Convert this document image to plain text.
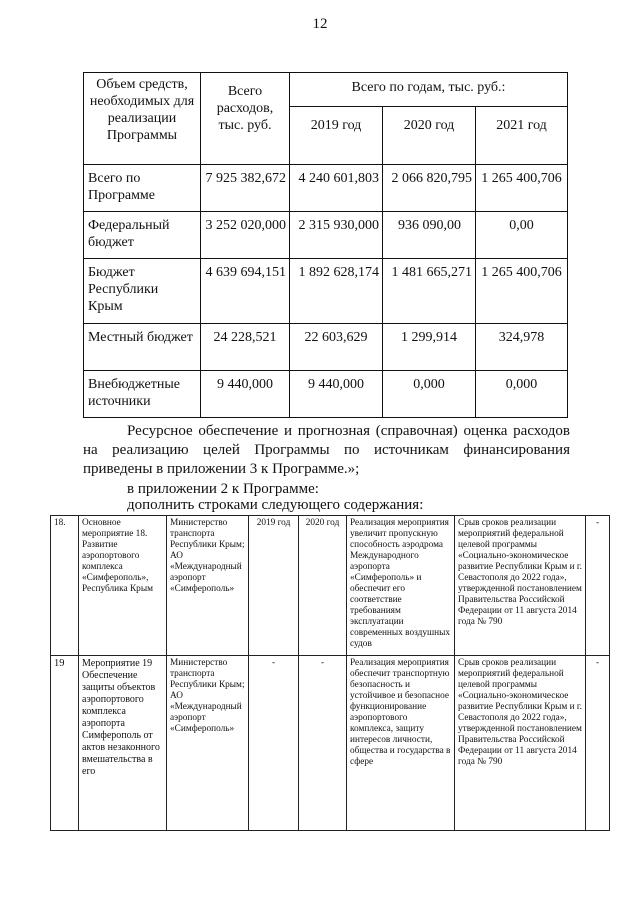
12
Объем средств, необходимых для реализации Программы	Всего расходов, тыс. руб.	Всего по годам, тыс. руб.:		
		2019 год	2020 год	2021 год
Всего по Программе	7 925 382,672	4 240 601,803	2 066 820,795	1 265 400,706
Федеральный бюджет	3 252 020,000	2 315 930,000	936 090,00	0,00
Бюджет Республики Крым	4 639 694,151	1 892 628,174	1 481 665,271	1 265 400,706
Местный бюджет	24 228,521	22 603,629	1 299,914	324,978
Внебюджетные источники	9 440,000	9 440,000	0,000	0,000
Ресурсное обеспечение и прогнозная (справочная) оценка расходов на реализацию целей Программы по источникам финансирования приведены в приложении 3 к Программе.»;
в приложении 2 к Программе:
дополнить строками следующего содержания:
18.	Основное мероприятие 18. Развитие аэропортового комплекса «Симферополь», Республика Крым	Министерство транспорта Республики Крым; АО «Международный аэропорт «Симферополь»	2019 год	2020 год	Реализация мероприятия увеличит пропускную способность аэродрома Международного аэропорта «Симферополь» и обеспечит его соответствие требованиям эксплуатации современных воздушных судов	Срыв сроков реализации мероприятий федеральной целевой программы «Социально-экономическое развитие Республики Крым и г. Севастополя до 2022 года», утвержденной постановлением Правительства Российской Федерации от 11 августа 2014 года № 790	-
19	Мероприятие 19 Обеспечение защиты объектов аэропортового комплекса аэропорта Симферополь от актов незаконного вмешательства в его	Министерство транспорта Республики Крым; АО «Международный аэропорт «Симферополь»	-	-	Реализация мероприятия обеспечит транспортную безопасность и устойчивое и безопасное функционирование аэропортового комплекса, защиту интересов личности, общества и государства в сфере	Срыв сроков реализации мероприятий федеральной целевой программы «Социально-экономическое развитие Республики Крым и г. Севастополя до 2022 года», утвержденной постановлением Правительства Российской Федерации от 11 августа 2014 года № 790	-
